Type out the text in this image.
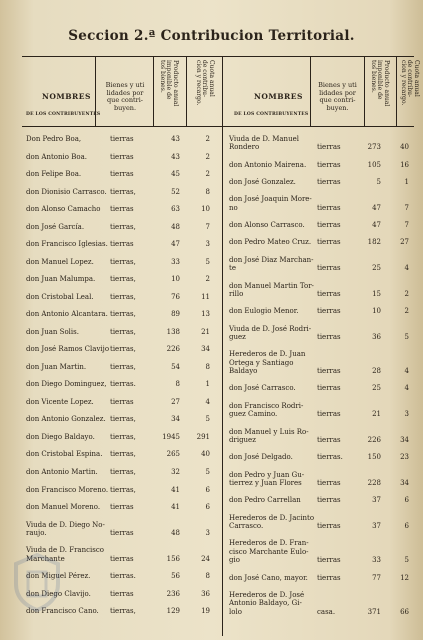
Seccion 2.ª Contribucion Territorial.
NOMBRES
DE LOS CONTRIBUYENTES
Bienes y uti
lidades por
que contri-
buyen.
Producto anual
imponible de
tos bienes.	Cuota anual
de contribu-
cion y recargo.	NOMBRES
DE LOS CONTRIBUYENTES
Bienes y uti
lidades por
que contri-
buyen.
Producto anual
imponible de
tos bienes.	Cuota anual
de contribu-
cion y recargo.
Don Pedro Boa,	tierras	43	2
don Antonio Boa.	tierras	43	2
don Felipe Boa.	tierras	45	2
don Dionisio Carrasco. tierras,	52	8
don Alonso Camacho tierras	63	10
don José García.	tierras,	48	7
don Francisco Iglesias. tierras	47	3
don Manuel Lopez. tierras,	33	5
don Juan Malumpa. tierras,	10	2
don Cristobal Leal. tierras,	76	11
don Antonio Alcantara. tierras,	89	13
don Juan Solis.	tierras,	138	21
don José Ramos Clavijo tierras,	226	34
don Juan Martin.	tierras,	54	8
don Diego Dominguez, tierras.	8	1
don Vicente Lopez. tierras	27	4
don Antonio Gonzalez. tierras,	34	5
don Diego Baldayo. tierras,	1945	291
don Cristobal Espina. tierras,	265	40
don Antonio Martin. tierras,	32	5
don Francisco Moreno. tierras,	41	6
don Manuel Moreno. tierras	41	6
Viuda de D. Diego No-
raujo.	tierras	48	3
Viuda de D. Francisco
Marchante	tierras	156	24
don Miguel Pérez.	tierras.	56	8
don Diego Clavijo.	tierras	236	36
don Francisco Cano. tierras,	129	19
Viuda de D. Manuel
Rondero	tierras	273	40
don Antonio Mairena. tierras	105	16
don José Gonzalez.	tierras	5	1
don José Joaquin More-
no	tierras	47	7
don Alonso Carrasco. tierras	47	7
don Pedro Mateo Cruz. tierras	182	27
don José Diaz Marchan-
te	tierras	25	4
don Manuel Martin Tor-
rillo	tierras	15	2
don Eulogio Menor.	tierras	10	2
Viuda de D. José Rodri-
guez	tierras	36	5
Herederos de D. Juan
Ortega y Santiago
Baldayo	tierras	28	4
don José Carrasco.	tierras	25	4
don Francisco Rodri-
guez Camino.	tierras	21	3
don Manuel y Luis Ro-
driguez	tierras	226	34
don José Delgado.	tierras.	150	23
don Pedro y Juan Gu-
tierrez y Juan Flores	tierras	228	34
don Pedro Carrellan tierras	37	6
Herederos de D. Jacinto
Carrasco.	tierras	37	6
Herederos de D. Fran-
cisco Marchante Eulo-
gio	tierras	33	5
don José Cano, mayor. tierras	77	12
Herederos de D. José
Antonio Baldayo, Gi-
lolo	casa.	371	66
